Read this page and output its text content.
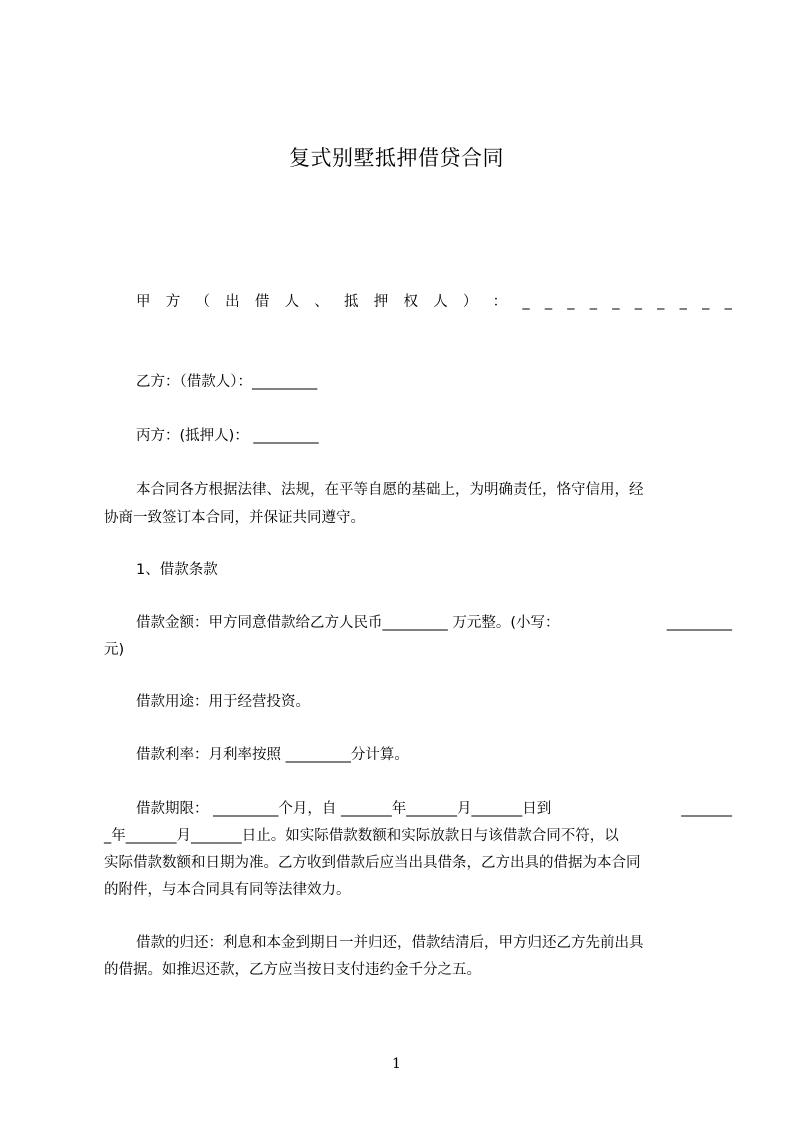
复式别墅抵押借贷合同
甲 方 （ 出 借 人 、 抵 押 权 人 ） ： _ _ _ _ _ _ _ _ _ _

乙方：（借款人）：_________

丙方：(抵押人)： _________

本合同各方根据法律、法规，在平等自愿的基础上，为明确责任，恪守信用，经

协商一致签订本合同，并保证共同遵守。

1、借款条款

借款金额：甲方同意借款给乙方人民币_________ 万元整。(小写：	_________

元)

借款用途：用于经营投资。

借款利率：月利率按照 _________分计算。

借款期限： _________个月，自 _______年_______月_______日到	_______

_年_______月_______日止。如实际借款数额和实际放款日与该借款合同不符，以

实际借款数额和日期为准。乙方收到借款后应当出具借条，乙方出具的借据为本合同

的附件，与本合同具有同等法律效力。

借款的归还：利息和本金到期日一并归还，借款结清后，甲方归还乙方先前出具

的借据。如推迟还款，乙方应当按日支付违约金千分之五。

1
